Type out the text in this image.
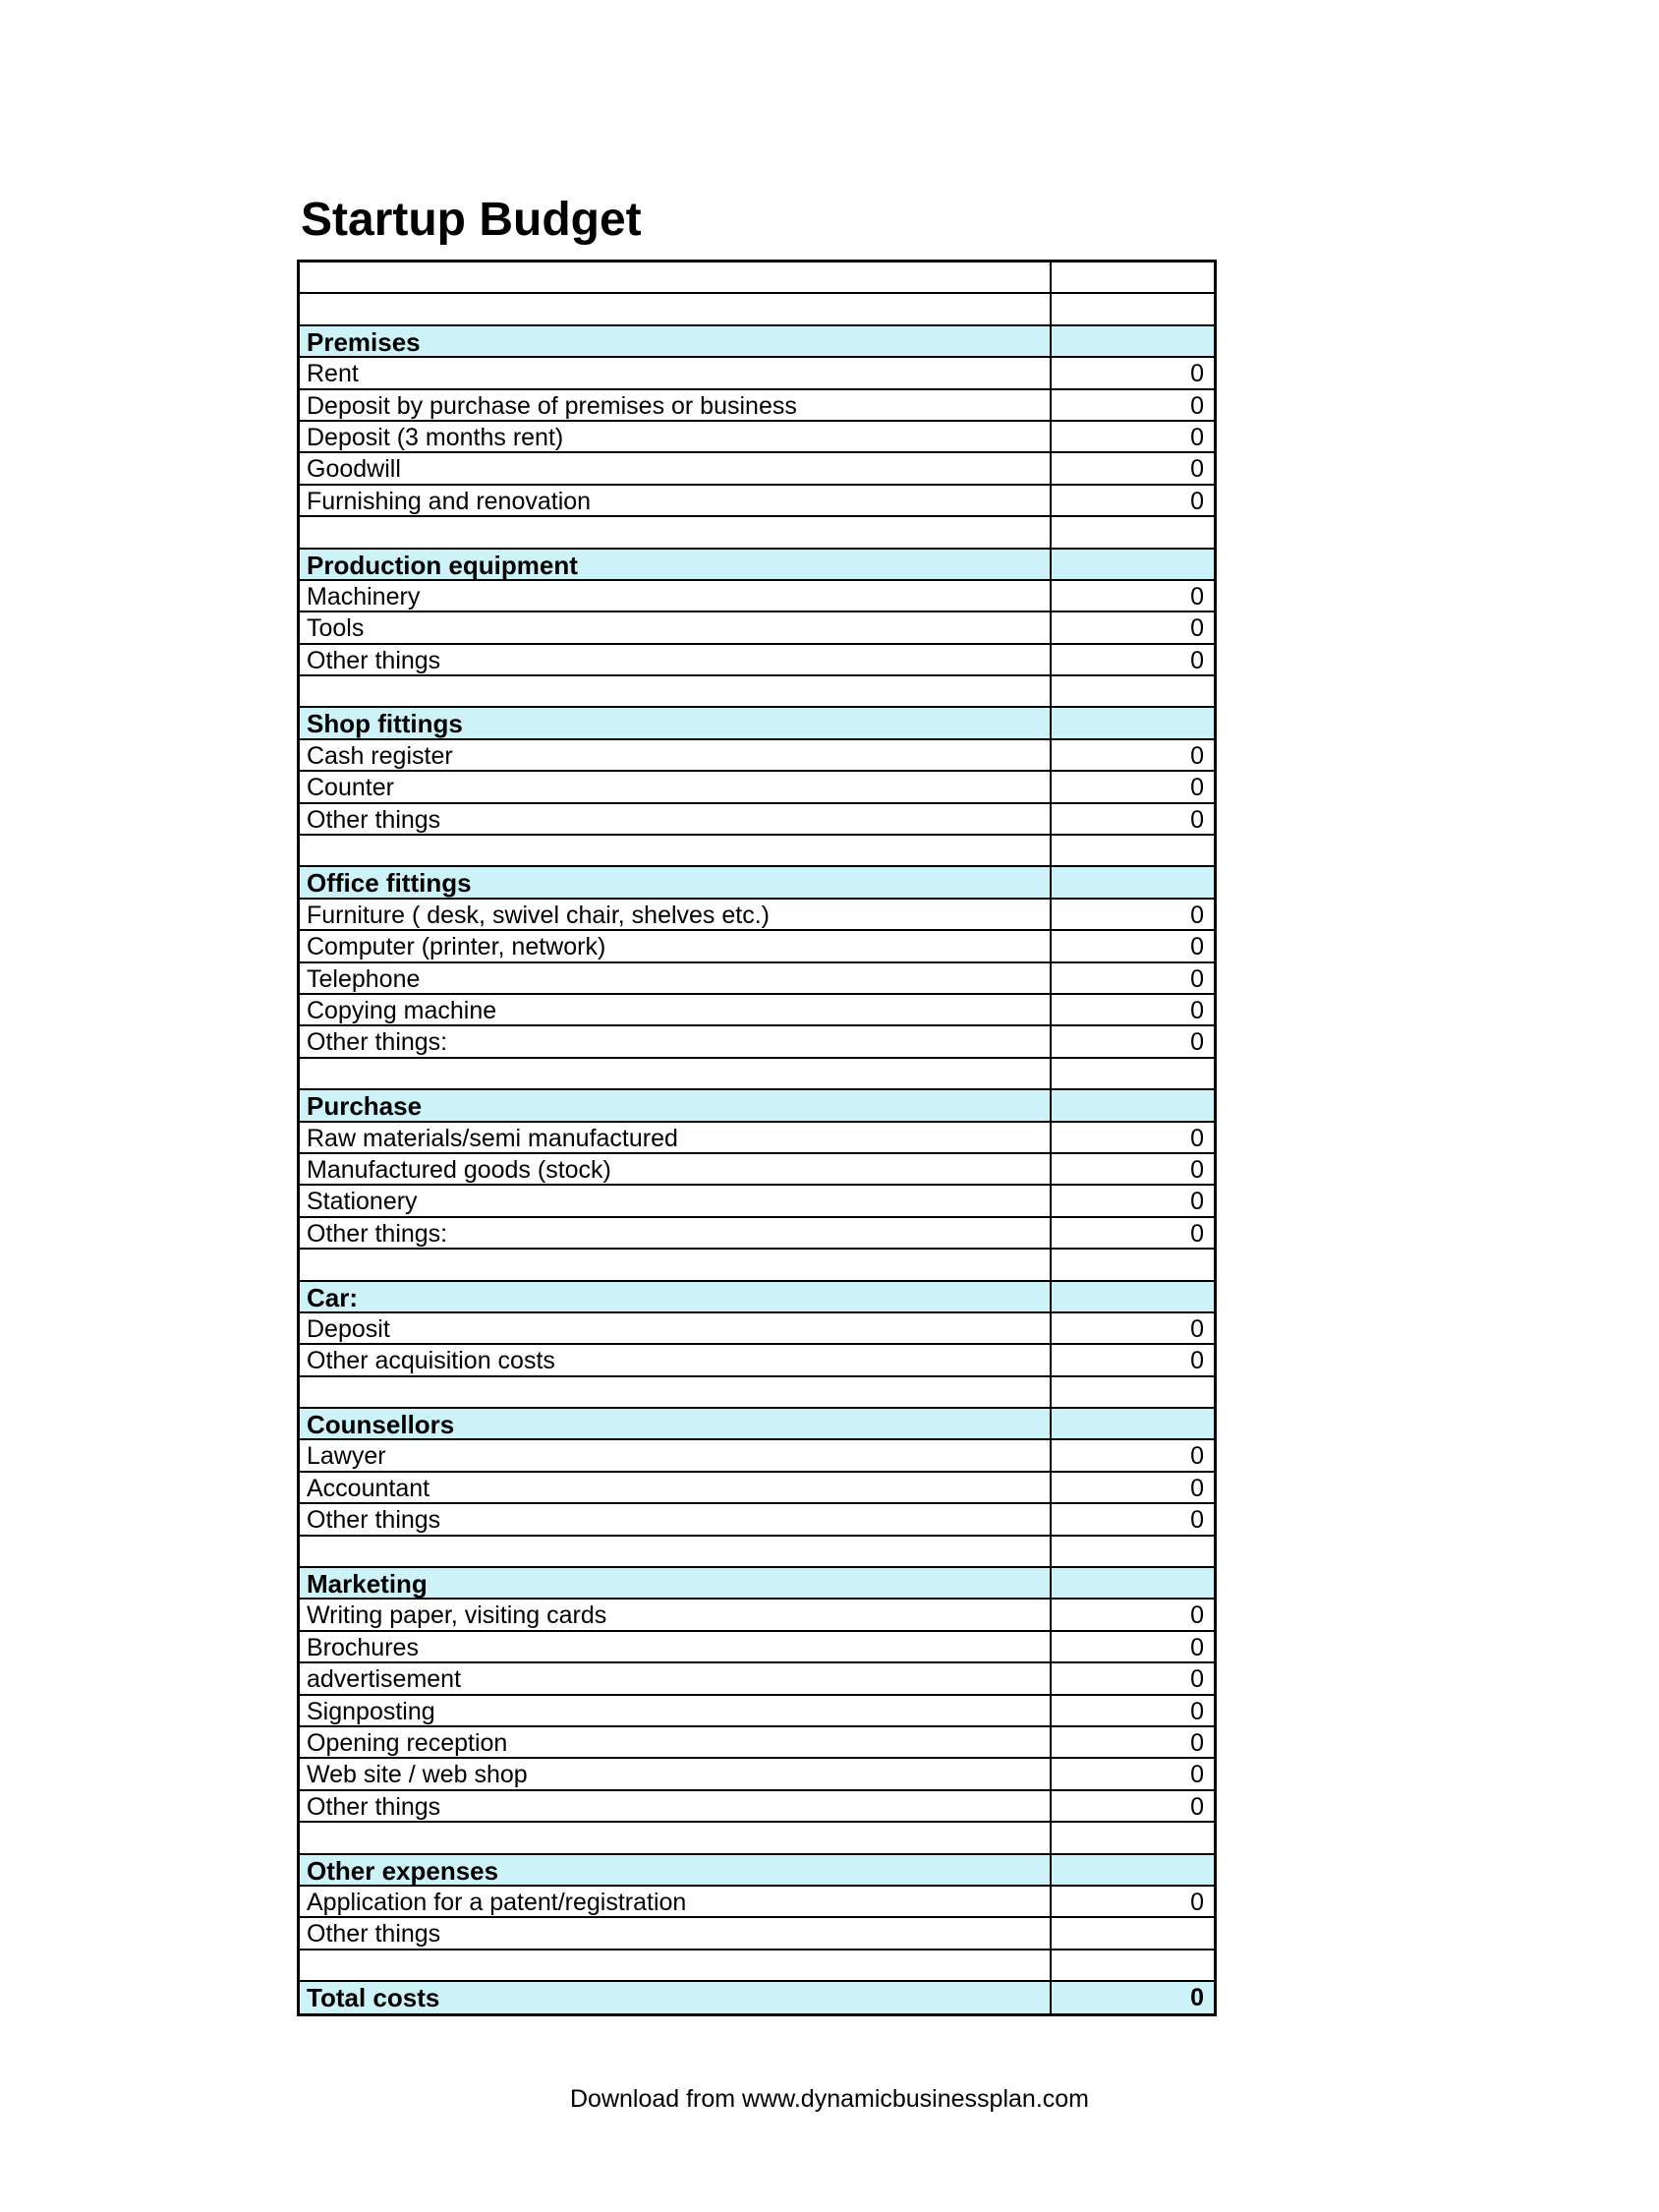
Startup Budget
Premises
Rent	0
Deposit by purchase of premises or business	0
Deposit (3 months rent)	0
Goodwill	0
Furnishing and renovation	0
Production equipment
Machinery	0
Tools	0
Other things	0
Shop fittings
Cash register	0
Counter	0
Other things	0
Office fittings
Furniture ( desk, swivel chair, shelves etc.)	0
Computer (printer, network)	0
Telephone	0
Copying machine	0
Other things:	0
Purchase
Raw materials/semi manufactured	0
Manufactured goods (stock)	0
Stationery	0
Other things:	0
Car:
Deposit	0
Other acquisition costs	0
Counsellors
Lawyer	0
Accountant	0
Other things	0
Marketing
Writing paper, visiting cards	0
Brochures	0
advertisement	0
Signposting	0
Opening reception	0
Web site / web shop	0
Other things	0
Other expenses
Application for a patent/registration	0
Other things
Total costs	0
Download from www.dynamicbusinessplan.com
